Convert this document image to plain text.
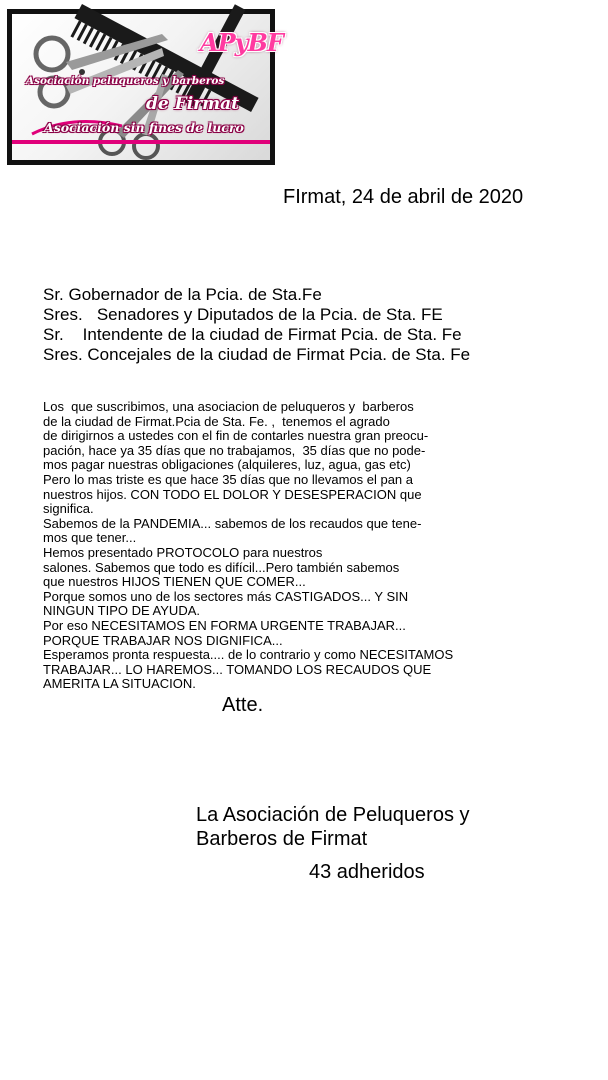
APyBF
Asociación peluqueros y barberos
de Firmat
Asociación sin fines de lucro
FIrmat, 24 de abril de 2020
Sr. Gobernador de la Pcia. de Sta.Fe
Sres.   Senadores y Diputados de la Pcia. de Sta. FE
Sr.    Intendente de la ciudad de Firmat Pcia. de Sta. Fe
Sres. Concejales de la ciudad de Firmat Pcia. de Sta. Fe
Los  que suscribimos, una asociacion de peluqueros y  barberos
de la ciudad de Firmat.Pcia de Sta. Fe. ,  tenemos el agrado
de dirigirnos a ustedes con el fin de contarles nuestra gran preocu-
pación, hace ya 35 días que no trabajamos,  35 días que no pode-
mos pagar nuestras obligaciones (alquileres, luz, agua, gas etc)
Pero lo mas triste es que hace 35 días que no llevamos el pan a
nuestros hijos. CON TODO EL DOLOR Y DESESPERACION que
significa.
Sabemos de la PANDEMIA... sabemos de los recaudos que tene-
mos que tener...
Hemos presentado PROTOCOLO para nuestros
salones. Sabemos que todo es difícil...Pero también sabemos
que nuestros HIJOS TIENEN QUE COMER...
Porque somos uno de los sectores más CASTIGADOS... Y SIN
NINGUN TIPO DE AYUDA.
Por eso NECESITAMOS EN FORMA URGENTE TRABAJAR...
PORQUE TRABAJAR NOS DIGNIFICA...
Esperamos pronta respuesta.... de lo contrario y como NECESITAMOS
TRABAJAR... LO HAREMOS... TOMANDO LOS RECAUDOS QUE
AMERITA LA SITUACION.
Atte.
La Asociación de Peluqueros y
Barberos de Firmat
43 adheridos
